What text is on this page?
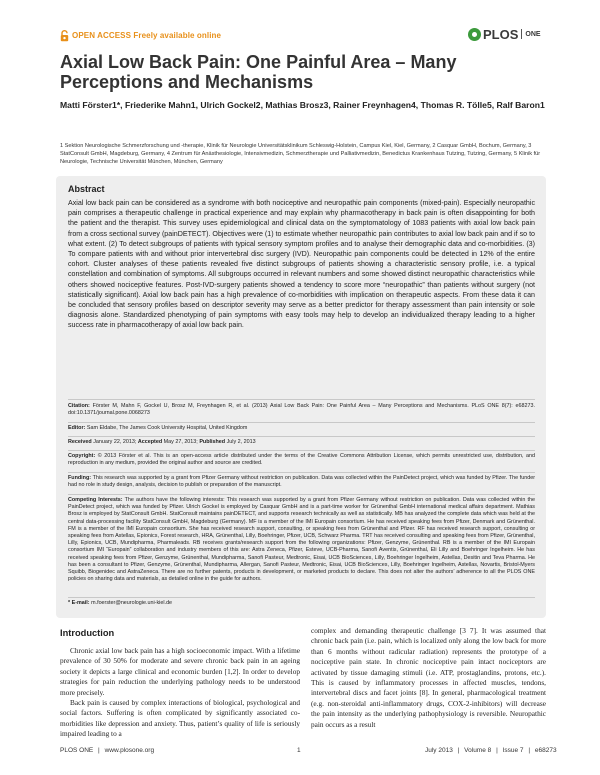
OPEN ACCESS Freely available online	PLOS ONE
Axial Low Back Pain: One Painful Area – Many Perceptions and Mechanisms
Matti Förster1*, Friederike Mahn1, Ulrich Gockel2, Mathias Brosz3, Rainer Freynhagen4, Thomas R. Tölle5, Ralf Baron1
1 Sektion Neurologische Schmerzforschung und -therapie, Klinik für Neurologie Universitätsklinikum Schleswig-Holstein, Campus Kiel, Kiel, Germany, 2 Casquar GmbH, Bochum, Germany, 3 StatConsult GmbH, Magdeburg, Germany, 4 Zentrum für Anästhesiologie, Intensivmedizin, Schmerztherapie und Palliativmedizin, Benedictus Krankenhaus Tutzing, Tutzing, Germany, 5 Klinik für Neurologie, Technische Universität München, München, Germany
Abstract
Axial low back pain can be considered as a syndrome with both nociceptive and neuropathic pain components (mixed-pain). Especially neuropathic pain comprises a therapeutic challenge in practical experience and may explain why pharmacotherapy in back pain is often disappointing for both the patient and the therapist. This survey uses epidemiological and clinical data on the symptomatology of 1083 patients with axial low back pain from a cross sectional survey (painDETECT). Objectives were (1) to estimate whether neuropathic pain contributes to axial low back pain and if so to what extent. (2) To detect subgroups of patients with typical sensory symptom profiles and to analyse their demographic data and co-morbidities. (3) To compare patients with and without prior intervertebral disc surgery (IVD). Neuropathic pain components could be detected in 12% of the entire cohort. Cluster analyses of these patients revealed five distinct subgroups of patients showing a characteristic sensory profile, i.e. a typical constellation and combination of symptoms. All subgroups occurred in relevant numbers and some showed distinct neuropathic characteristics while others showed nociceptive features. Post-IVD-surgery patients showed a tendency to score more “neuropathic” than patients without surgery (not statistically significant). Axial low back pain has a high prevalence of co-morbidities with implication on therapeutic aspects. From these data it can be concluded that sensory profiles based on descriptor severity may serve as a better predictor for therapy assessment than pain intensity or sole diagnosis alone. Standardized phenotyping of pain symptoms with easy tools may help to develop an individualized therapy leading to a higher success rate in pharmacotherapy of axial low back pain.
Citation: Förster M, Mahn F, Gockel U, Brosz M, Freynhagen R, et al. (2013) Axial Low Back Pain: One Painful Area – Many Perceptions and Mechanisms. PLoS ONE 8(7): e68273. doi:10.1371/journal.pone.0068273
Editor: Sam Eldabe, The James Cook University Hospital, United Kingdom
Received January 22, 2013; Accepted May 27, 2013; Published July 2, 2013
Copyright: © 2013 Förster et al. This is an open-access article distributed under the terms of the Creative Commons Attribution License, which permits unrestricted use, distribution, and reproduction in any medium, provided the original author and source are credited.
Funding: This research was supported by a grant from Pfizer Germany without restriction on publication. Data was collected within the PainDetect project, which was funded by Pfizer. The funder had no role in study design, analysis, decision to publish or preparation of the manuscript.
Competing Interests: The authors have the following interests: This research was supported by a grant from Pfizer Germany without restriction on publication. Data was collected within the PainDetect project, which was funded by Pfizer. Ulrich Gockel is employed by Casquar GmbH and is a part-time worker for Grünenthal GmbH international medical affairs department. Mathias Brosz is employed by StatConsult GmbH. StatConsult maintains painDETECT, and supports research technically as well as statistically. MB has analyzed the complete data which was held at the central data-processing facility StatConsult GmbH, Magdeburg (Germany). MF is a member of the IMI Europain consortium. He has received speaking fees from Pfizer, Denmark and Grünenthal. FM is a member of the IMI Europain consortium. She has received research support, consulting, or speaking fees from Grünenthal and Pfizer. RF has received research support, consulting or speaking fees from Astellas, Epionics, Forest research, HRA, Grünenthal, Lilly, Boehringer, Pfizer, UCB, Schwarz Pharma. TRT has received consulting and speaking fees from Pfizer, Grünenthal, Lilly, Epionics, UCB, Mundipharma, Pharmaleads. RB receives grants/research support from the following organizations: Pfizer, Genzyme, Grünenthal. RB is a member of the IMI Europain consortium IMI “Europain” collaboration and industry members of this are: Astra Zeneca, Pfizer, Esteve, UCB-Pharma, Sanofi Aventis, Grünenthal, Eli Lilly and Boehringer Ingelheim. He has received speaking fees from Pfizer, Genzyme, Grünenthal, Mundipharma, Sanofi Pasteur, Medtronic, Eisai, UCB BioSciences, Lilly, Boehringer Ingelheim, Astellas, Desitin and Teva Pharma. He has been a consultant to Pfizer, Genzyme, Grünenthal, Mundipharma, Allergan, Sanofi Pasteur, Medtronic, Eisai, UCB BioSciences, Lilly, Boehringer Ingelheim, Astellas, Novartis, Bristol-Myers Squibb, Biogenidec and AstraZeneca. There are no further patents, products in development, or marketed products to declare. This does not alter the authors’ adherence to all the PLOS ONE policies on sharing data and materials, as detailed online in the guide for authors.
* E-mail: m.foerster@neurologie.uni-kiel.de
Introduction

Chronic axial low back pain has a high socioeconomic impact. With a lifetime prevalence of 30 50% for moderate and severe chronic back pain in an ageing society it depicts a large clinical and economic burden [1,2]. In order to develop strategies for pain reduction the underlying pathology needs to be understood more precisely.

Back pain is caused by complex interactions of biological, psychological and social factors. Suffering is often complicated by significantly associated co-morbidities like depression and anxiety. Thus, patient’s quality of life is seriously impaired leading to a

complex and demanding therapeutic challenge [3 7]. It was assumed that chronic back pain (i.e. pain, which is localized only along the low back for more than 6 months without radicular radiation) represents the prototype of a nociceptive pain state. In chronic nociceptive pain intact nociceptors are activated by tissue damaging stimuli (i.e. ATP, prostaglandins, protons, etc.). This is caused by inflammatory processes in affected muscles, tendons, intervertebral discs and facet joints [8]. In general, pharmacological treatment (e.g. non-steroidal anti-inflammatory drugs, COX-2-inhibitors) will decrease the pain intensity as the underlying pathophysiology is reversible. Neuropathic pain occurs as a result

PLOS ONE | www.plosone.org	1	July 2013 | Volume 8 | Issue 7 | e68273
